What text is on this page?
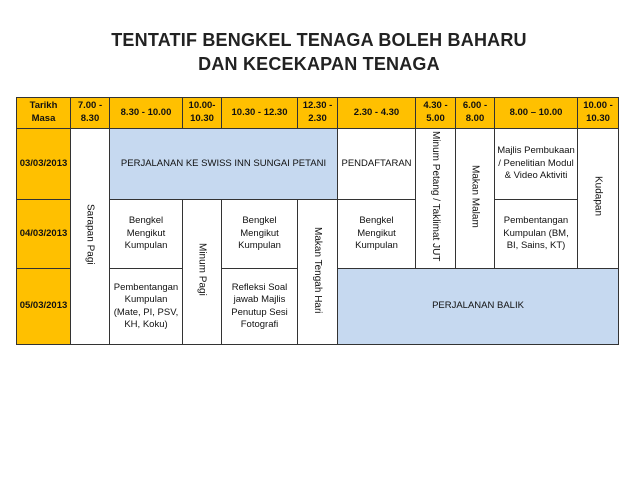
TENTATIF BENGKEL TENAGA BOLEH BAHARU
DAN KECEKAPAN TENAGA
Tarikh Masa	7.00 - 8.30	8.30 - 10.00	10.00- 10.30	10.30 - 12.30	12.30 - 2.30	2.30 - 4.30	4.30 - 5.00	6.00 - 8.00	8.00 – 10.00	10.00 - 10.30
03/03/2013	Sarapan Pagi	PERJALANAN KE SWISS INN SUNGAI PETANI				PENDAFTARAN	Minum Petang / Taklimat JUT	Makan Malam	Majlis Pembukaan / Penelitian Modul & Video Aktiviti	Kudapan

04/03/2013		Bengkel Mengikut Kumpulan	Minum Pagi	Bengkel Mengikut Kumpulan	Makan Tengah Hari	Bengkel Mengikut Kumpulan			Pembentangan Kumpulan (BM, BI, Sains, KT)	

05/03/2013		Pembentangan Kumpulan (Mate, PI, PSV, KH, Koku)		Refleksi Soal jawab Majlis Penutup Sesi Fotografi		PERJALANAN BALIK				
